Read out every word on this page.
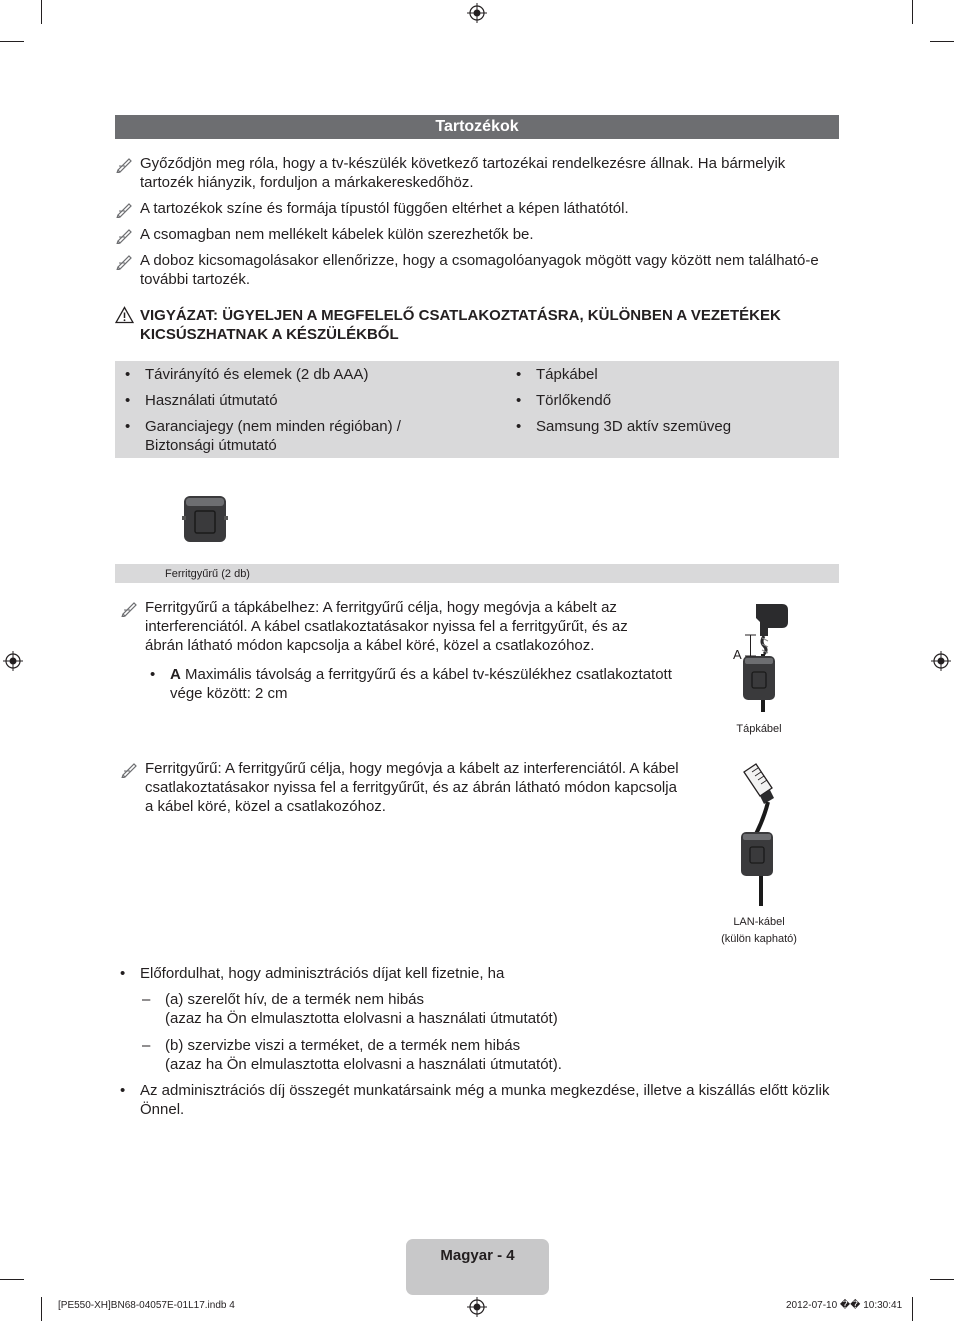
Tartozékok
Győződjön meg róla, hogy a tv-készülék következő tartozékai rendelkezésre állnak. Ha bármelyik tartozék hiányzik, forduljon a márkakereskedőhöz.
A tartozékok színe és formája típustól függően eltérhet a képen láthatótól.
A csomagban nem mellékelt kábelek külön szerezhetők be.
A doboz kicsomagolásakor ellenőrizze, hogy a csomagolóanyagok mögött vagy között nem található-e további tartozék.
VIGYÁZAT: ÜGYELJEN A MEGFELELŐ CSATLAKOZTATÁSRA, KÜLÖNBEN A VEZETÉKEK KICSÚSZHATNAK A KÉSZÜLÉKBŐL
• Távirányító és elemek (2 db AAA)
• Használati útmutató
• Garanciajegy (nem minden régióban) / Biztonsági útmutató
• Tápkábel
• Törlőkendő
• Samsung 3D aktív szemüveg
Ferritgyűrű (2 db)
Ferritgyűrű a tápkábelhez: A ferritgyűrű célja, hogy megóvja a kábelt az interferenciától. A kábel csatlakoztatásakor nyissa fel a ferritgyűrűt, és az ábrán látható módon kapcsolja a kábel köré, közel a csatlakozóhoz.
• A Maximális távolság a ferritgyűrű és a kábel tv-készülékhez csatlakoztatott vége között: 2 cm
A
Tápkábel
Ferritgyűrű: A ferritgyűrű célja, hogy megóvja a kábelt az interferenciától. A kábel csatlakoztatásakor nyissa fel a ferritgyűrűt, és az ábrán látható módon kapcsolja a kábel köré, közel a csatlakozóhoz.
LAN-kábel
(külön kapható)
• Előfordulhat, hogy adminisztrációs díjat kell fizetnie, ha
– (a) szerelőt hív, de a termék nem hibás
(azaz ha Ön elmulasztotta elolvasni a használati útmutatót)
– (b) szervizbe viszi a terméket, de a termék nem hibás
(azaz ha Ön elmulasztotta elolvasni a használati útmutatót).
• Az adminisztrációs díj összegét munkatársaink még a munka megkezdése, illetve a kiszállás előtt közlik Önnel.
Magyar - 4
[PE550-XH]BN68-04057E-01L17.indb 4	2012-07-10 �� 10:30:41
